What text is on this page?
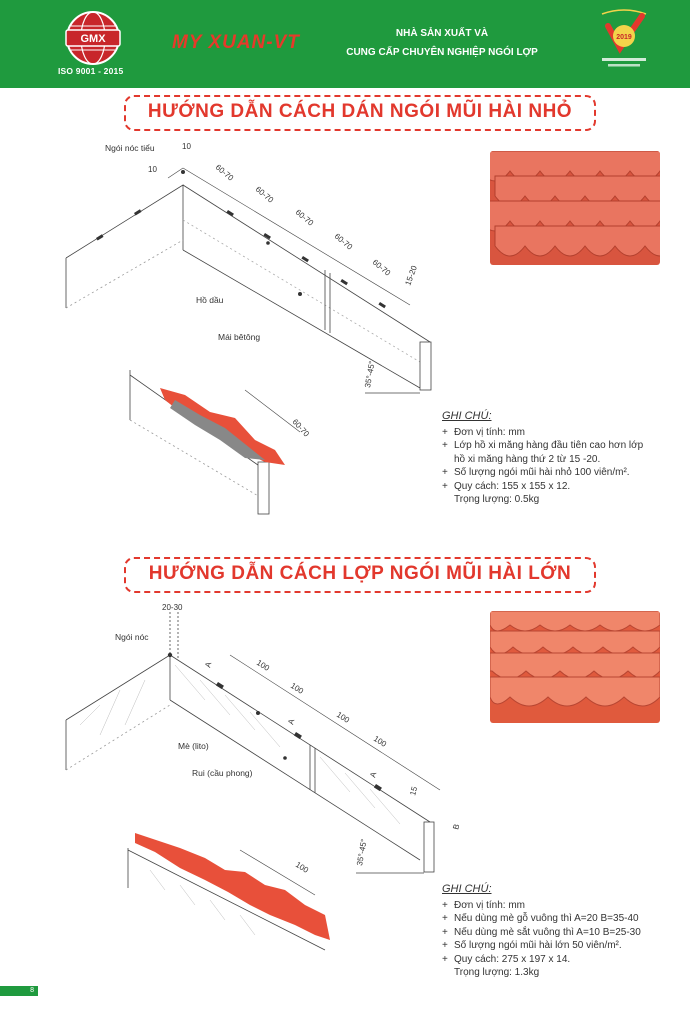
GMX
ISO 9001 - 2015
MY XUAN-VT	NHÀ SẢN XUẤT VÀ
CUNG CẤP CHUYÊN NGHIỆP NGÓI LỢP
2019
HƯỚNG DẪN CÁCH DÁN NGÓI MŨI HÀI NHỎ
10
10	60-70
60-70
60-70
60-70
60-70 15-20
35°-45°
60-70
Ngói nóc tiểu
Hồ dầu
Mái bêtông
GHI CHÚ:
+ Đơn vị tính: mm
+ Lớp hồ xi măng hàng đầu tiên cao hơn lớp
hồ xi măng hàng thứ 2 từ 15 -20.
+ Số lượng ngói mũi hài nhỏ 100 viên/m².
+ Quy cách: 155 x 155 x 12.
Trọng lượng: 0.5kg
HƯỚNG DẪN CÁCH LỢP NGÓI MŨI HÀI LỚN
20-30
A	100
100
A	100
100
A
15
B
35°-45°
100
Ngói nóc
Mè (lito)
Rui (cầu phong)
GHI CHÚ:
+ Đơn vị tính: mm
+ Nếu dùng mè gỗ vuông thì A=20 B=35-40
+ Nếu dùng mè sắt vuông thì A=10 B=25-30
+ Số lượng ngói mũi hài lớn 50 viên/m².
+ Quy cách: 275 x 197 x 14.
Trọng lượng: 1.3kg
8
